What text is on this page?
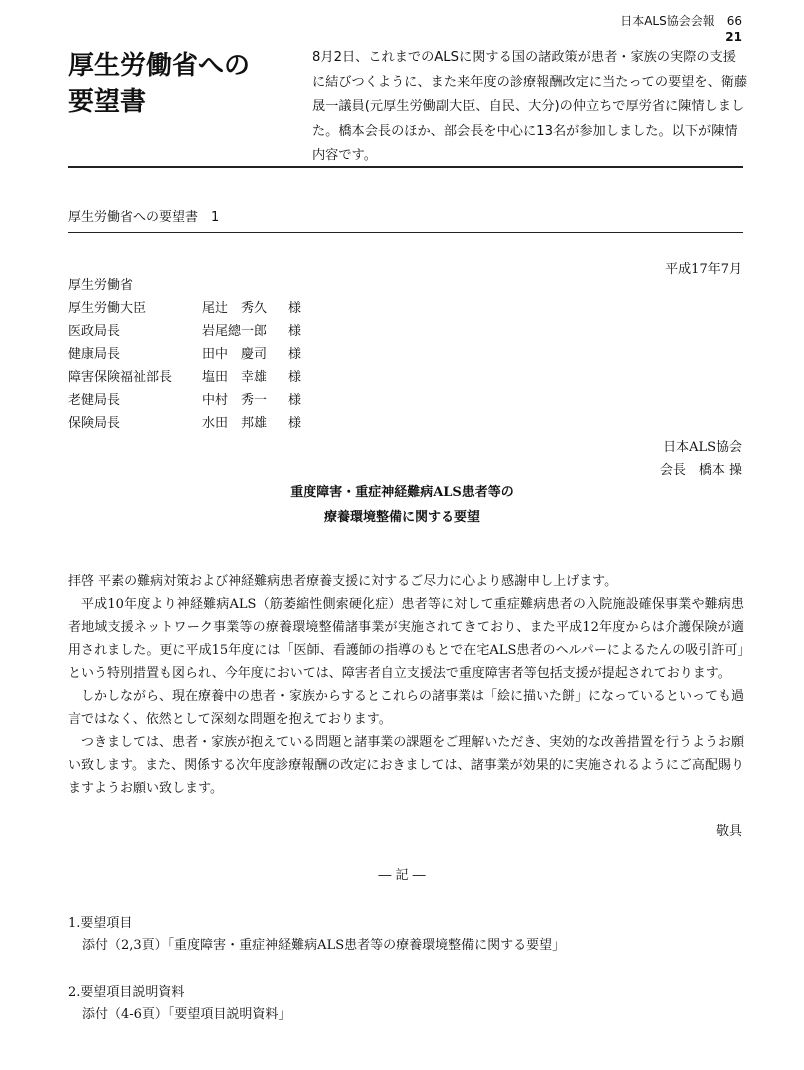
日本ALS協会会報　66
21
厚生労働省への
要望書
8月2日、これまでのALSに関する国の諸政策が患者・家族の実際の支援に結びつくように、また来年度の診療報酬改定に当たっての要望を、衛藤晟一議員(元厚生労働副大臣、自民、大分)の仲立ちで厚労省に陳情しました。橋本会長のほか、部会長を中心に13名が参加しました。以下が陳情内容です。
厚生労働省への要望書　1
平成17年7月
厚生労働省
厚生労働大臣	尾辻　秀久 様
医政局長	岩尾總一郎 様
健康局長	田中　慶司 様
障害保険福祉部長 塩田　幸雄 様
老健局長	中村　秀一 様
保険局長	水田　邦雄 様
日本ALS協会
会長　橋本 操
重度障害・重症神経難病ALS患者等の
療養環境整備に関する要望

拝啓 平素の難病対策および神経難病患者療養支援に対するご尽力に心より感謝申し上げます。

平成10年度より神経難病ALS（筋萎縮性側索硬化症）患者等に対して重症難病患者の入院施設確保事業や難病患者地域支援ネットワーク事業等の療養環境整備諸事業が実施されてきており、また平成12年度からは介護保険が適用されました。更に平成15年度には「医師、看護師の指導のもとで在宅ALS患者のヘルパーによるたんの吸引許可」という特別措置も図られ、今年度においては、障害者自立支援法で重度障害者等包括支援が提起されております。

しかしながら、現在療養中の患者・家族からするとこれらの諸事業は「絵に描いた餅」になっているといっても過言ではなく、依然として深刻な問題を抱えております。

つきましては、患者・家族が抱えている問題と諸事業の課題をご理解いただき、実効的な改善措置を行うようお願い致します。また、関係する次年度診療報酬の改定におきましては、諸事業が効果的に実施されるようにご高配賜りますようお願い致します。

敬具
― 記 ―
1.要望項目
添付（2,3頁）「重度障害・重症神経難病ALS患者等の療養環境整備に関する要望」
2.要望項目説明資料
添付（4-6頁）「要望項目説明資料」
